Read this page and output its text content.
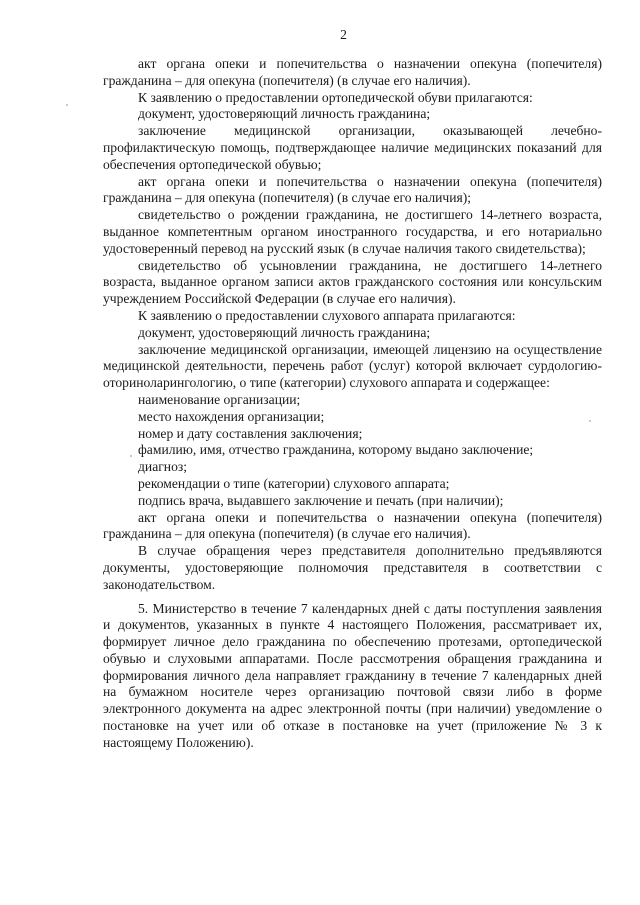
2

акт органа опеки и попечительства о назначении опекуна (попечителя) гражданина – для опекуна (попечителя) (в случае его наличия).

К заявлению о предоставлении ортопедической обуви прилагаются:

документ, удостоверяющий личность гражданина;

заключение медицинской организации, оказывающей лечебно-профилактическую помощь, подтверждающее наличие медицинских показаний для обеспечения ортопедической обувью;

акт органа опеки и попечительства о назначении опекуна (попечителя) гражданина – для опекуна (попечителя) (в случае его наличия);

свидетельство о рождении гражданина, не достигшего 14-летнего возраста, выданное компетентным органом иностранного государства, и его нотариально удостоверенный перевод на русский язык (в случае наличия такого свидетельства);

свидетельство об усыновлении гражданина, не достигшего 14-летнего возраста, выданное органом записи актов гражданского состояния или консульским учреждением Российской Федерации (в случае его наличия).

К заявлению о предоставлении слухового аппарата прилагаются:

документ, удостоверяющий личность гражданина;

заключение медицинской организации, имеющей лицензию на осуществление медицинской деятельности, перечень работ (услуг) которой включает сурдологию-оториноларингологию, о типе (категории) слухового аппарата и содержащее:

наименование организации;

место нахождения организации;

номер и дату составления заключения;

фамилию, имя, отчество гражданина, которому выдано заключение;

диагноз;

рекомендации о типе (категории) слухового аппарата;

подпись врача, выдавшего заключение и печать (при наличии);

акт органа опеки и попечительства о назначении опекуна (попечителя) гражданина – для опекуна (попечителя) (в случае его наличия).

В случае обращения через представителя дополнительно предъявляются документы, удостоверяющие полномочия представителя в соответствии с законодательством.

5. Министерство в течение 7 календарных дней с даты поступления заявления и документов, указанных в пункте 4 настоящего Положения, рассматривает их, формирует личное дело гражданина по обеспечению протезами, ортопедической обувью и слуховыми аппаратами. После рассмотрения обращения гражданина и формирования личного дела направляет гражданину в течение 7 календарных дней на бумажном носителе через организацию почтовой связи либо в форме электронного документа на адрес электронной почты (при наличии) уведомление о постановке на учет или об отказе в постановке на учет (приложение № 3 к настоящему Положению).
